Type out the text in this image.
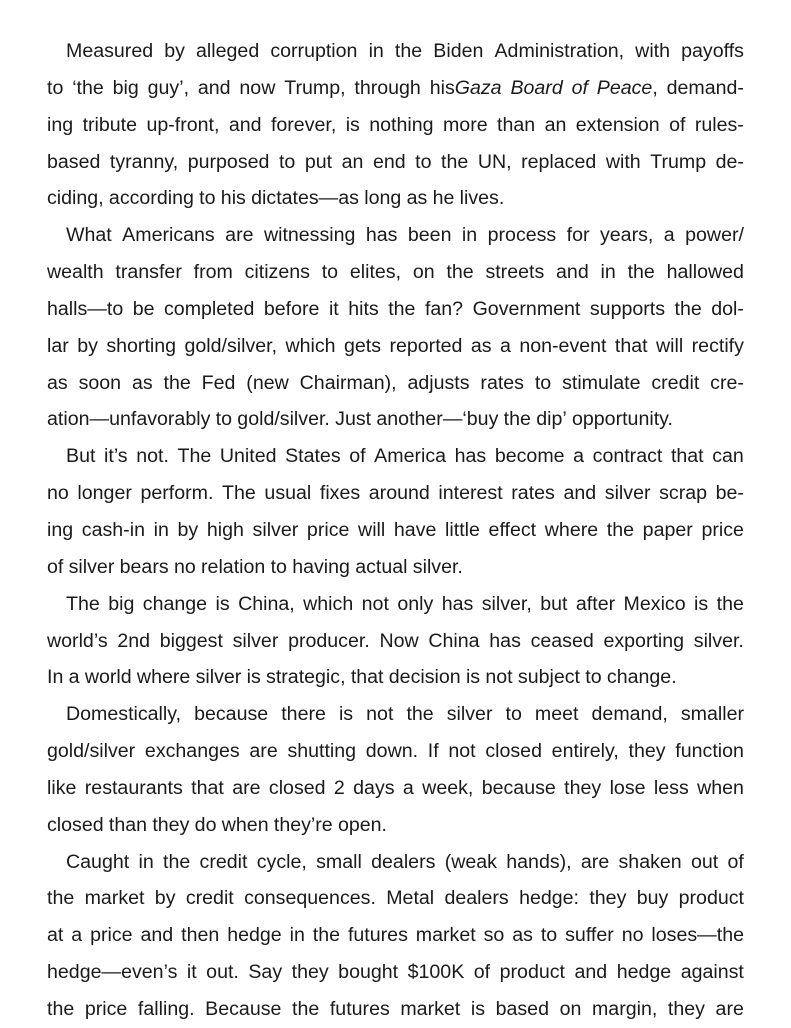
Measured by alleged corruption in the Biden Administration, with payoffs
to ‘the big guy’, and now Trump, through hisGaza Board of Peace, demand-
ing tribute up-front, and forever, is nothing more than an extension of rules-
based tyranny, purposed to put an end to the UN, replaced with Trump de-
ciding, according to his dictates—as long as he lives.
What Americans are witnessing has been in process for years, a power/
wealth transfer from citizens to elites, on the streets and in the hallowed
halls—to be completed before it hits the fan? Government supports the dol-
lar by shorting gold/silver, which gets reported as a non-event that will rectify
as soon as the Fed (new Chairman), adjusts rates to stimulate credit cre-
ation—unfavorably to gold/silver. Just another—‘buy the dip’ opportunity.
But it’s not. The United States of America has become a contract that can
no longer perform. The usual fixes around interest rates and silver scrap be-
ing cash-in in by high silver price will have little effect where the paper price
of silver bears no relation to having actual silver.
The big change is China, which not only has silver, but after Mexico is the
world’s 2nd biggest silver producer. Now China has ceased exporting silver.
In a world where silver is strategic, that decision is not subject to change.
Domestically, because there is not the silver to meet demand, smaller
gold/silver exchanges are shutting down. If not closed entirely, they function
like restaurants that are closed 2 days a week, because they lose less when
closed than they do when they’re open.
Caught in the credit cycle, small dealers (weak hands), are shaken out of
the market by credit consequences. Metal dealers hedge: they buy product
at a price and then hedge in the futures market so as to suffer no loses—the
hedge—even’s it out. Say they bought $100K of product and hedge against
the price falling. Because the futures market is based on margin, they are
